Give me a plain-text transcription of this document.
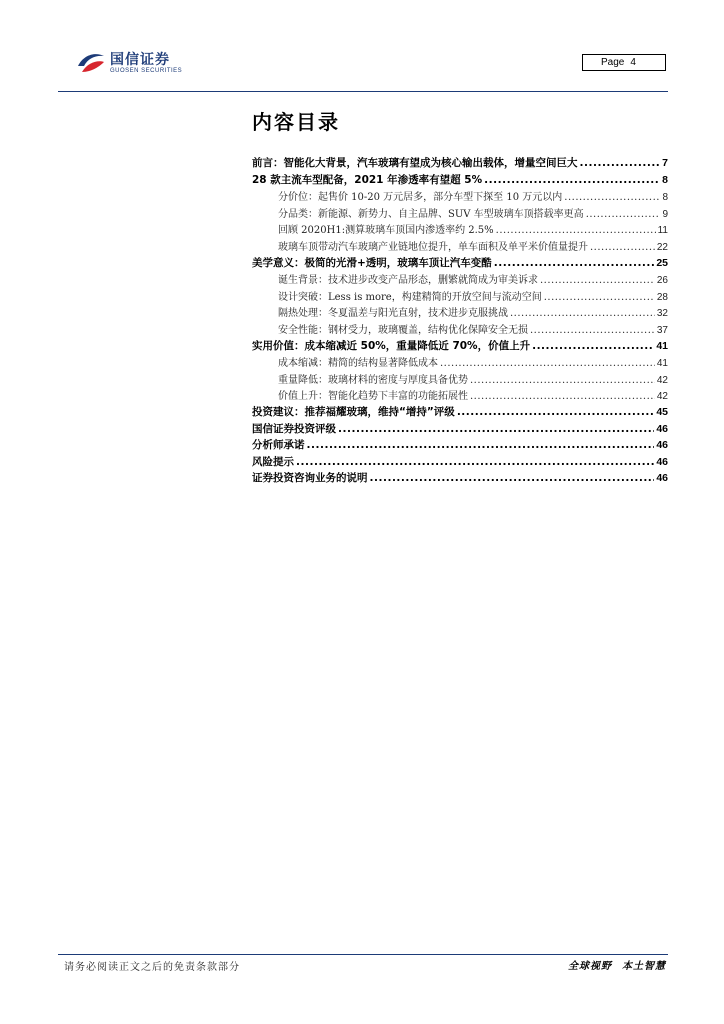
国信证券
GUOSEN SECURITIES
Page 4
内容目录
前言：智能化大背景，汽车玻璃有望成为核心输出载体，增量空间巨大 .....	7
28 款主流车型配备，2021 年渗透率有望超 5% .....	8
分价位：起售价 10-20 万元居多，部分车型下探至 10 万元以内 .....	8
分品类：新能源、新势力、自主品牌、SUV 车型玻璃车顶搭载率更高 .....	9
回顾 2020H1:测算玻璃车顶国内渗透率约 2.5% .....	11
玻璃车顶带动汽车玻璃产业链地位提升，单车面积及单平米价值量提升 .....	22
美学意义：极简的光滑+透明，玻璃车顶让汽车变酷 .....	25
诞生背景：技术进步改变产品形态，删繁就简成为审美诉求 .....	26
设计突破：Less is more，构建精简的开放空间与流动空间 .....	28
隔热处理：冬夏温差与阳光直射，技术进步克服挑战 .....	32
安全性能：钢材受力，玻璃覆盖，结构优化保障安全无损 .....	37
实用价值：成本缩减近 50%，重量降低近 70%，价值上升 .....	41
成本缩减：精简的结构显著降低成本 .....	41
重量降低：玻璃材料的密度与厚度具备优势 .....	42
价值上升：智能化趋势下丰富的功能拓展性 .....	42
投资建议：推荐福耀玻璃，维持“增持”评级 .....	45
国信证券投资评级 .....	46
分析师承诺 .....	46
风险提示 .....	46
证券投资咨询业务的说明 .....	46
请务必阅读正文之后的免责条款部分	全球视野 本土智慧
